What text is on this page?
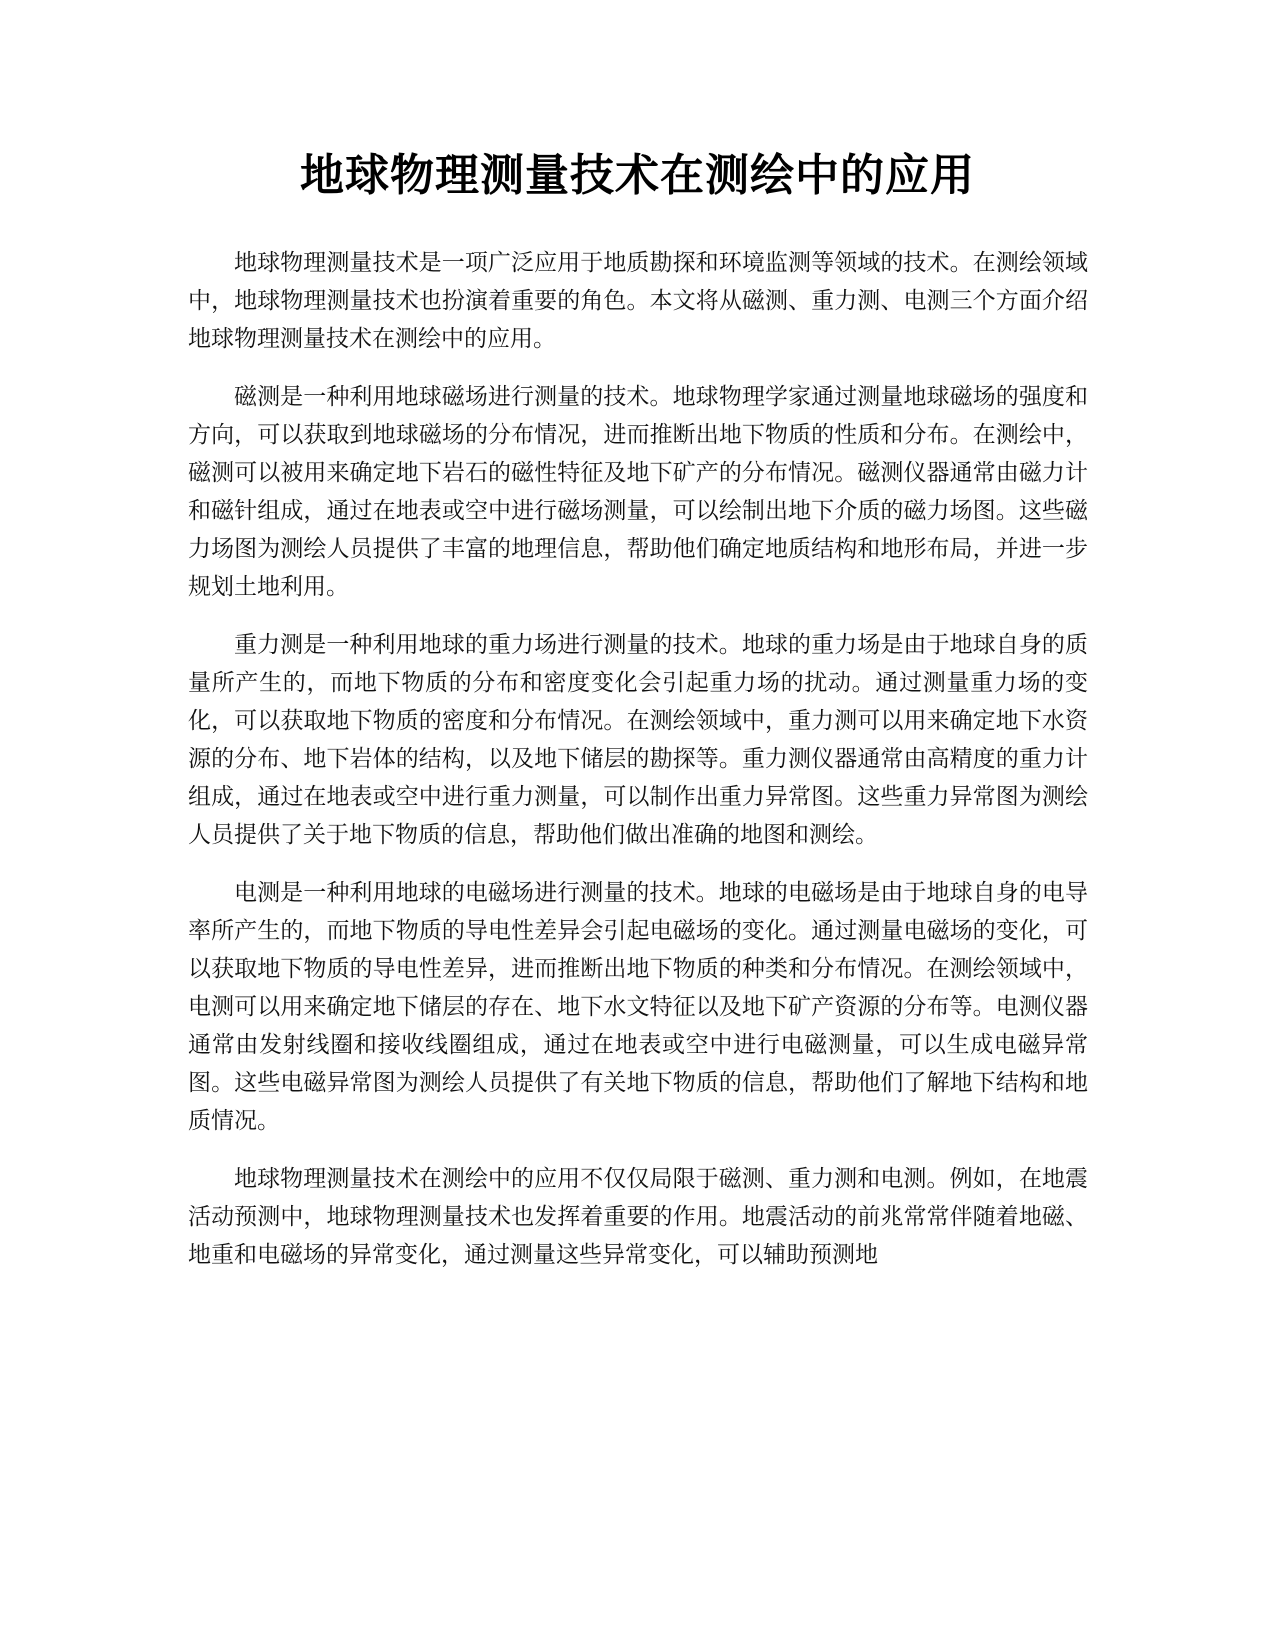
地球物理测量技术在测绘中的应用

地球物理测量技术是一项广泛应用于地质勘探和环境监测等领域的技术。在测绘领域中，地球物理测量技术也扮演着重要的角色。本文将从磁测、重力测、电测三个方面介绍地球物理测量技术在测绘中的应用。

磁测是一种利用地球磁场进行测量的技术。地球物理学家通过测量地球磁场的强度和方向，可以获取到地球磁场的分布情况，进而推断出地下物质的性质和分布。在测绘中，磁测可以被用来确定地下岩石的磁性特征及地下矿产的分布情况。磁测仪器通常由磁力计和磁针组成，通过在地表或空中进行磁场测量，可以绘制出地下介质的磁力场图。这些磁力场图为测绘人员提供了丰富的地理信息，帮助他们确定地质结构和地形布局，并进一步规划土地利用。

重力测是一种利用地球的重力场进行测量的技术。地球的重力场是由于地球自身的质量所产生的，而地下物质的分布和密度变化会引起重力场的扰动。通过测量重力场的变化，可以获取地下物质的密度和分布情况。在测绘领域中，重力测可以用来确定地下水资源的分布、地下岩体的结构，以及地下储层的勘探等。重力测仪器通常由高精度的重力计组成，通过在地表或空中进行重力测量，可以制作出重力异常图。这些重力异常图为测绘人员提供了关于地下物质的信息，帮助他们做出准确的地图和测绘。

电测是一种利用地球的电磁场进行测量的技术。地球的电磁场是由于地球自身的电导率所产生的，而地下物质的导电性差异会引起电磁场的变化。通过测量电磁场的变化，可以获取地下物质的导电性差异，进而推断出地下物质的种类和分布情况。在测绘领域中，电测可以用来确定地下储层的存在、地下水文特征以及地下矿产资源的分布等。电测仪器通常由发射线圈和接收线圈组成，通过在地表或空中进行电磁测量，可以生成电磁异常图。这些电磁异常图为测绘人员提供了有关地下物质的信息，帮助他们了解地下结构和地质情况。

地球物理测量技术在测绘中的应用不仅仅局限于磁测、重力测和电测。例如，在地震活动预测中，地球物理测量技术也发挥着重要的作用。地震活动的前兆常常伴随着地磁、地重和电磁场的异常变化，通过测量这些异常变化，可以辅助预测地
